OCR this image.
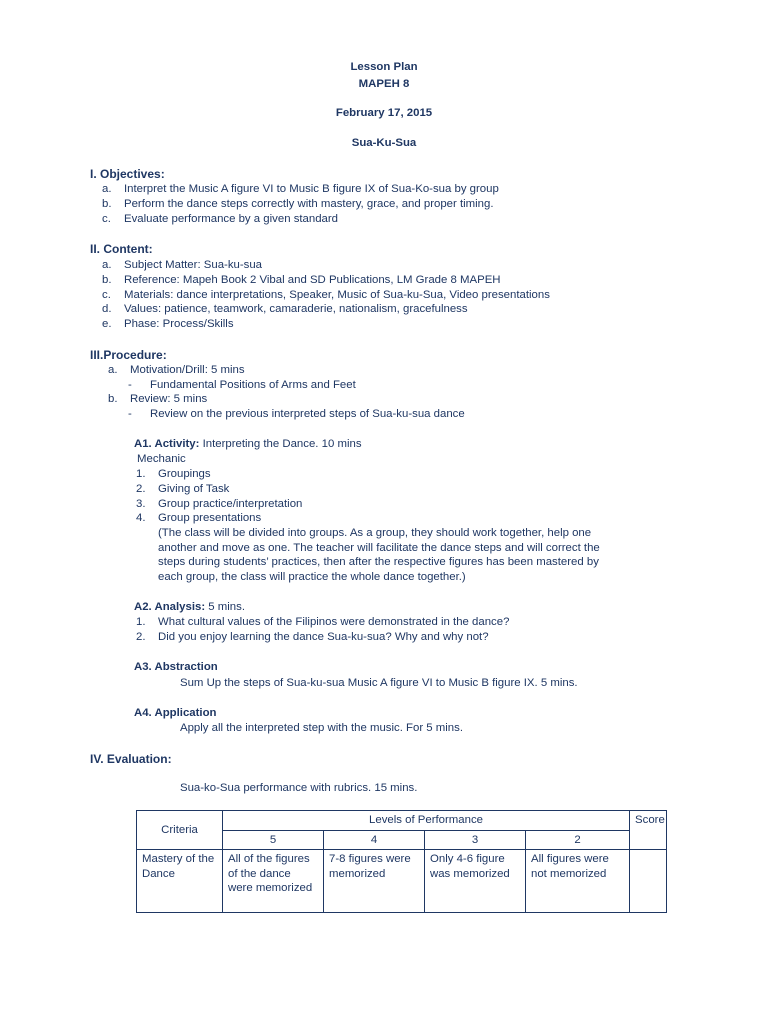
Lesson Plan
MAPEH 8
February 17, 2015
Sua-Ku-Sua
I. Objectives:
a. Interpret the Music A figure VI to Music B figure IX of Sua-Ko-sua by group
b. Perform the dance steps correctly with mastery, grace, and proper timing.
c. Evaluate performance by a given standard
II. Content:
a. Subject Matter: Sua-ku-sua
b. Reference: Mapeh Book 2 Vibal and SD Publications, LM Grade 8 MAPEH
c. Materials: dance interpretations, Speaker, Music of Sua-ku-Sua, Video presentations
d. Values: patience, teamwork, camaraderie, nationalism, gracefulness
e. Phase: Process/Skills
III.Procedure:
a. Motivation/Drill: 5 mins
- Fundamental Positions of Arms and Feet
b. Review: 5 mins
- Review on the previous interpreted steps of Sua-ku-sua dance
A1. Activity: Interpreting the Dance. 10 mins
Mechanic
1. Groupings
2. Giving of Task
3. Group practice/interpretation
4. Group presentations
(The class will be divided into groups. As a group, they should work together, help one
another and move as one. The teacher will facilitate the dance steps and will correct the
steps during students’ practices, then after the respective figures has been mastered by
each group, the class will practice the whole dance together.)
A2. Analysis: 5 mins.
1. What cultural values of the Filipinos were demonstrated in the dance?
2. Did you enjoy learning the dance Sua-ku-sua? Why and why not?
A3. Abstraction
Sum Up the steps of Sua-ku-sua Music A figure VI to Music B figure IX. 5 mins.
A4. Application
Apply all the interpreted step with the music. For 5 mins.
IV. Evaluation:
Sua-ko-Sua performance with rubrics. 15 mins.
Criteria	Levels of Performance				Score
	5	4	3	2	
Mastery of the Dance	All of the figures of the dance were memorized	7-8 figures were memorized	Only 4-6 figure was memorized	All figures were not memorized	
